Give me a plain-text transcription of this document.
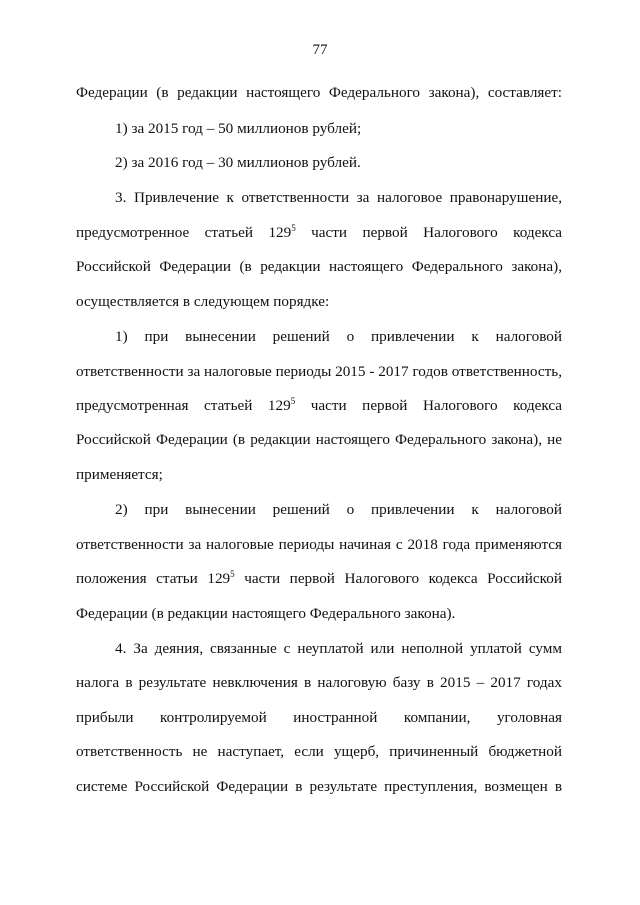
77
Федерации (в редакции настоящего Федерального закона), составляет:
1) за 2015 год – 50 миллионов рублей;
2) за 2016 год – 30 миллионов рублей.
3. Привлечение к ответственности за налоговое правонарушение,
предусмотренное статьей $129^5$ части первой Налогового кодекса
Российской Федерации (в редакции настоящего Федерального закона),
осуществляется в следующем порядке:
1) при вынесении решений о привлечении к налоговой
ответственности за налоговые периоды 2015 - 2017 годов ответственность,
предусмотренная статьей $129^5$ части первой Налогового кодекса
Российской Федерации (в редакции настоящего Федерального закона), не
применяется;
2) при вынесении решений о привлечении к налоговой
ответственности за налоговые периоды начиная с 2018 года применяются
положения статьи $129^5$ части первой Налогового кодекса Российской
Федерации (в редакции настоящего Федерального закона).
4. За деяния, связанные с неуплатой или неполной уплатой сумм
налога в результате невключения в налоговую базу в 2015 – 2017 годах
прибыли контролируемой иностранной компании, уголовная
ответственность не наступает, если ущерб, причиненный бюджетной
системе Российской Федерации в результате преступления, возмещен в
